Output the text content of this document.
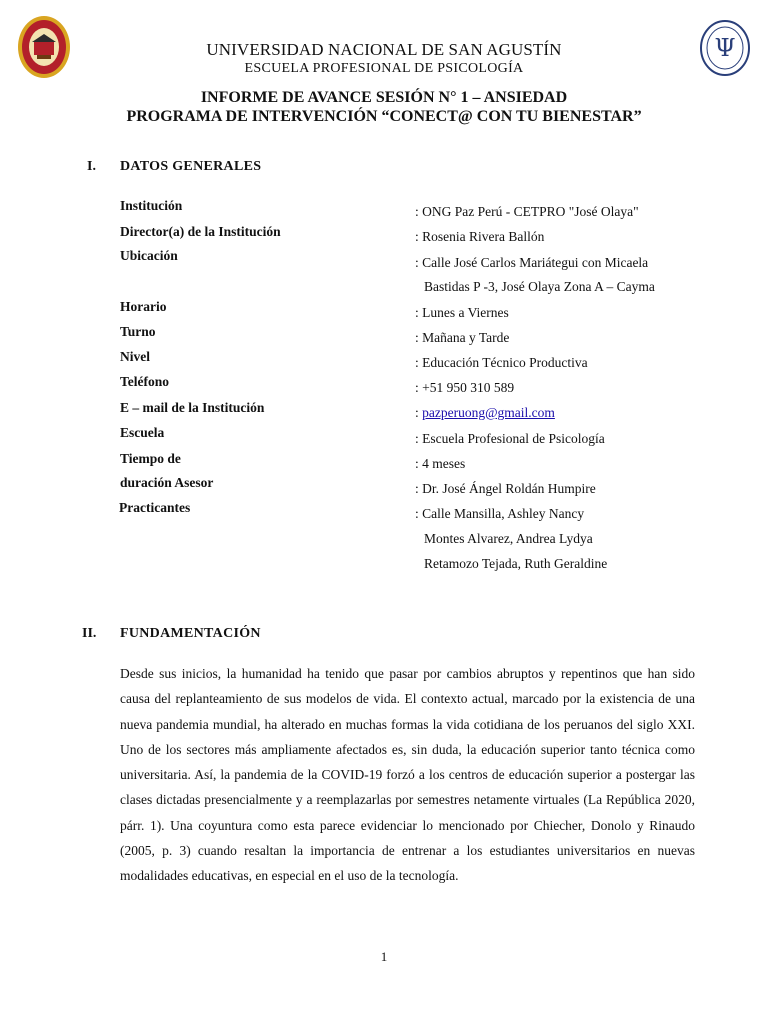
Ψ
UNIVERSIDAD NACIONAL DE SAN AGUSTÍN
ESCUELA PROFESIONAL DE PSICOLOGÍA
INFORME DE AVANCE SESIÓN N° 1 – ANSIEDAD
PROGRAMA DE INTERVENCIÓN “CONECT@ CON TU BIENESTAR”
I. DATOS GENERALES
Institución
Director(a) de la Institución
Ubicación
Horario
Turno
Nivel
Teléfono
E – mail de la Institución
Escuela
Tiempo de
duración Asesor
Practicantes
: ONG Paz Perú - CETPRO "José Olaya"
: Rosenia Rivera Ballón
: Calle José Carlos Mariátegui con Micaela
Bastidas P -3, José Olaya Zona A – Cayma
: Lunes a Viernes
: Mañana y Tarde
: Educación Técnico Productiva
: +51 950 310 589
: pazperuong@gmail.com
: Escuela Profesional de Psicología
: 4 meses
: Dr. José Ángel Roldán Humpire
: Calle Mansilla, Ashley Nancy
Montes Alvarez, Andrea Lydya
Retamozo Tejada, Ruth Geraldine
II. FUNDAMENTACIÓN
Desde sus inicios, la humanidad ha tenido que pasar por cambios abruptos y repentinos que han sido causa del replanteamiento de sus modelos de vida. El contexto actual, marcado por la existencia de una nueva pandemia mundial, ha alterado en muchas formas la vida cotidiana de los peruanos del siglo XXI. Uno de los sectores más ampliamente afectados es, sin duda, la educación superior tanto técnica como universitaria. Así, la pandemia de la COVID-19 forzó a los centros de educación superior a postergar las clases dictadas presencialmente y a reemplazarlas por semestres netamente virtuales (La República 2020, párr. 1). Una coyuntura como esta parece evidenciar lo mencionado por Chiecher, Donolo y Rinaudo (2005, p. 3) cuando resaltan la importancia de entrenar a los estudiantes universitarios en nuevas modalidades educativas, en especial en el uso de la tecnología.
1
